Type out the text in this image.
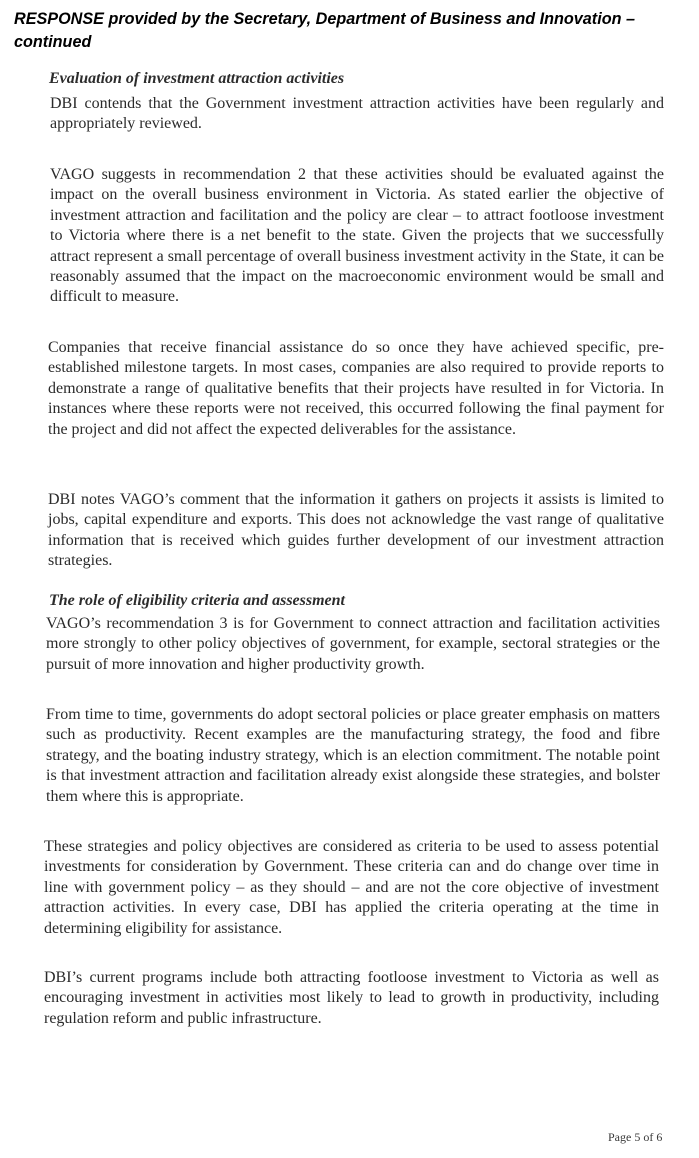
RESPONSE provided by the Secretary, Department of Business and Innovation – continued
Evaluation of investment attraction activities
DBI contends that the Government investment attraction activities have been regularly and appropriately reviewed.
VAGO suggests in recommendation 2 that these activities should be evaluated against the impact on the overall business environment in Victoria. As stated earlier the objective of investment attraction and facilitation and the policy are clear – to attract footloose investment to Victoria where there is a net benefit to the state. Given the projects that we successfully attract represent a small percentage of overall business investment activity in the State, it can be reasonably assumed that the impact on the macroeconomic environment would be small and difficult to measure.
Companies that receive financial assistance do so once they have achieved specific, pre-established milestone targets. In most cases, companies are also required to provide reports to demonstrate a range of qualitative benefits that their projects have resulted in for Victoria. In instances where these reports were not received, this occurred following the final payment for the project and did not affect the expected deliverables for the assistance.
DBI notes VAGO’s comment that the information it gathers on projects it assists is limited to jobs, capital expenditure and exports. This does not acknowledge the vast range of qualitative information that is received which guides further development of our investment attraction strategies.
The role of eligibility criteria and assessment
VAGO’s recommendation 3 is for Government to connect attraction and facilitation activities more strongly to other policy objectives of government, for example, sectoral strategies or the pursuit of more innovation and higher productivity growth.
From time to time, governments do adopt sectoral policies or place greater emphasis on matters such as productivity. Recent examples are the manufacturing strategy, the food and fibre strategy, and the boating industry strategy, which is an election commitment. The notable point is that investment attraction and facilitation already exist alongside these strategies, and bolster them where this is appropriate.
These strategies and policy objectives are considered as criteria to be used to assess potential investments for consideration by Government. These criteria can and do change over time in line with government policy – as they should – and are not the core objective of investment attraction activities. In every case, DBI has applied the criteria operating at the time in determining eligibility for assistance.
DBI’s current programs include both attracting footloose investment to Victoria as well as encouraging investment in activities most likely to lead to growth in productivity, including regulation reform and public infrastructure.
Page 5 of 6
